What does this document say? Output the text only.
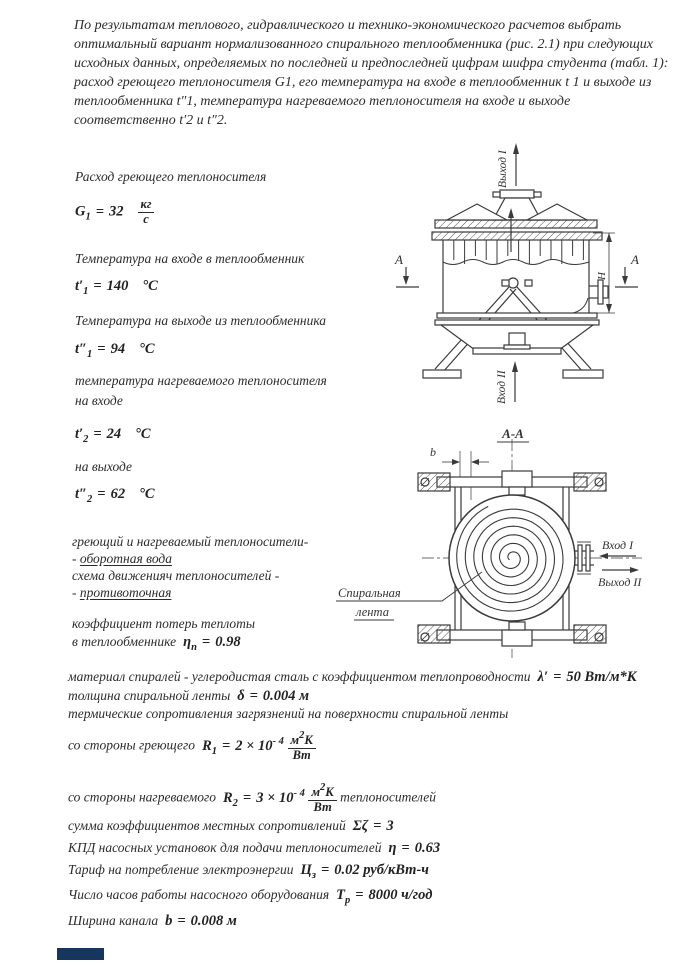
По результатам теплового, гидравлического и технико-экономического расчетов выбрать оптимальный вариант нормализованного спирального теплообменника (рис. 2.1) при следующих исходных данных, определяемых по последней и предпоследней цифрам шифра студента (табл. 1): расход греющего теплоносителя G1, его температура на входе в теплообменник t 1 и выходе из теплообменника t″1, температура нагреваемого теплоносителя на входе и выходе соответственно t′2 и t″2.
Расход греющего теплоносителя
$G_1 = 32 \frac{кг}{с}$
Температура на входе в теплообменник
$t'_1 = 140$ °C
Температура на выходе из теплообменника
$t''_1 = 94$ °C
температура нагреваемого теплоносителя
на входе
$t'_2 = 24$ °C
на выходе
$t''_2 = 62$ °C
греющий и нагреваемый теплоносители-
- оборотная вода
схема движенияч теплоносителей -
- противоточная
коэффициент потерь теплоты
в теплообменнике $\eta_п = 0.98$
материал спиралей - углеродистая сталь с коэффициентом теплопроводности λ′ = 50 Вт/м*К
толщина спиральной ленты δ = 0.004 м
термические сопротивления загрязнений на поверхности спиральной ленты
со стороны греющего $R_1 = 2 \times 10^{- 4} \frac{м^2К}{Вт}$
со стороны нагреваемого $R_2 = 3 \times 10^{- 4} \frac{м^2К}{Вт}$ теплоносителей
сумма коэффициентов местных сопротивлений Σζ = 3
КПД насосных установок для подачи теплоносителей η = 0.63
Тариф на потребление электроэнергии $Ц_з = 0.02$ руб/кВт-ч
Число часов работы насосного оборудования $T_р = 8000$ ч/год
Ширина канала b = 0.008 м
Выход I
Н
A	A
Вход II
А-А
b
Вход I
Выход II
Спиральная
лента
